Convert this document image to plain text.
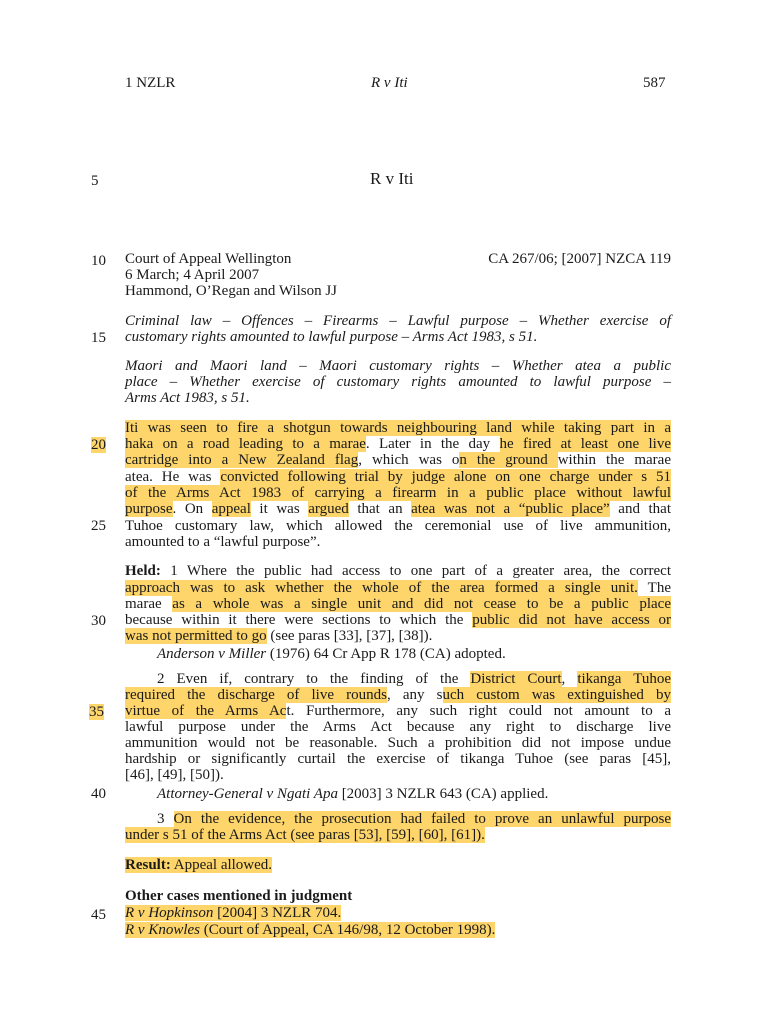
1 NZLR	R v Iti	587
5
10
15
20
25
30
35
40
45
R v Iti
Court of Appeal Wellington	CA 267/06; [2007] NZCA 119
6 March; 4 April 2007
Hammond, O’Regan and Wilson JJ
Criminal law – Offences – Firearms – Lawful purpose – Whether exercise of
customary rights amounted to lawful purpose – Arms Act 1983, s 51.
Maori and Maori land – Maori customary rights – Whether atea a public
place – Whether exercise of customary rights amounted to lawful purpose –
Arms Act 1983, s 51.
Iti was seen to fire a shotgun towards neighbouring land while taking part in a
haka on a road leading to a marae. Later in the day he fired at least one live
cartridge into a New Zealand flag, which was on the ground within the marae
atea. He was convicted following trial by judge alone on one charge under s 51
of the Arms Act 1983 of carrying a firearm in a public place without lawful
purpose. On appeal it was argued that an atea was not a “public place” and that
Tuhoe customary law, which allowed the ceremonial use of live ammunition,
amounted to a “lawful purpose”.
Held: 1 Where the public had access to one part of a greater area, the correct
approach was to ask whether the whole of the area formed a single unit. The
marae as a whole was a single unit and did not cease to be a public place
because within it there were sections to which the public did not have access or
was not permitted to go (see paras [33], [37], [38]).
Anderson v Miller (1976) 64 Cr App R 178 (CA) adopted.
2 Even if, contrary to the finding of the District Court, tikanga Tuhoe
required the discharge of live rounds, any such custom was extinguished by
virtue of the Arms Act. Furthermore, any such right could not amount to a
lawful purpose under the Arms Act because any right to discharge live
ammunition would not be reasonable. Such a prohibition did not impose undue
hardship or significantly curtail the exercise of tikanga Tuhoe (see paras [45],
[46], [49], [50]).
Attorney-General v Ngati Apa [2003] 3 NZLR 643 (CA) applied.
3 On the evidence, the prosecution had failed to prove an unlawful purpose
under s 51 of the Arms Act (see paras [53], [59], [60], [61]).
Result: Appeal allowed.
Other cases mentioned in judgment
R v Hopkinson [2004] 3 NZLR 704.
R v Knowles (Court of Appeal, CA 146/98, 12 October 1998).
